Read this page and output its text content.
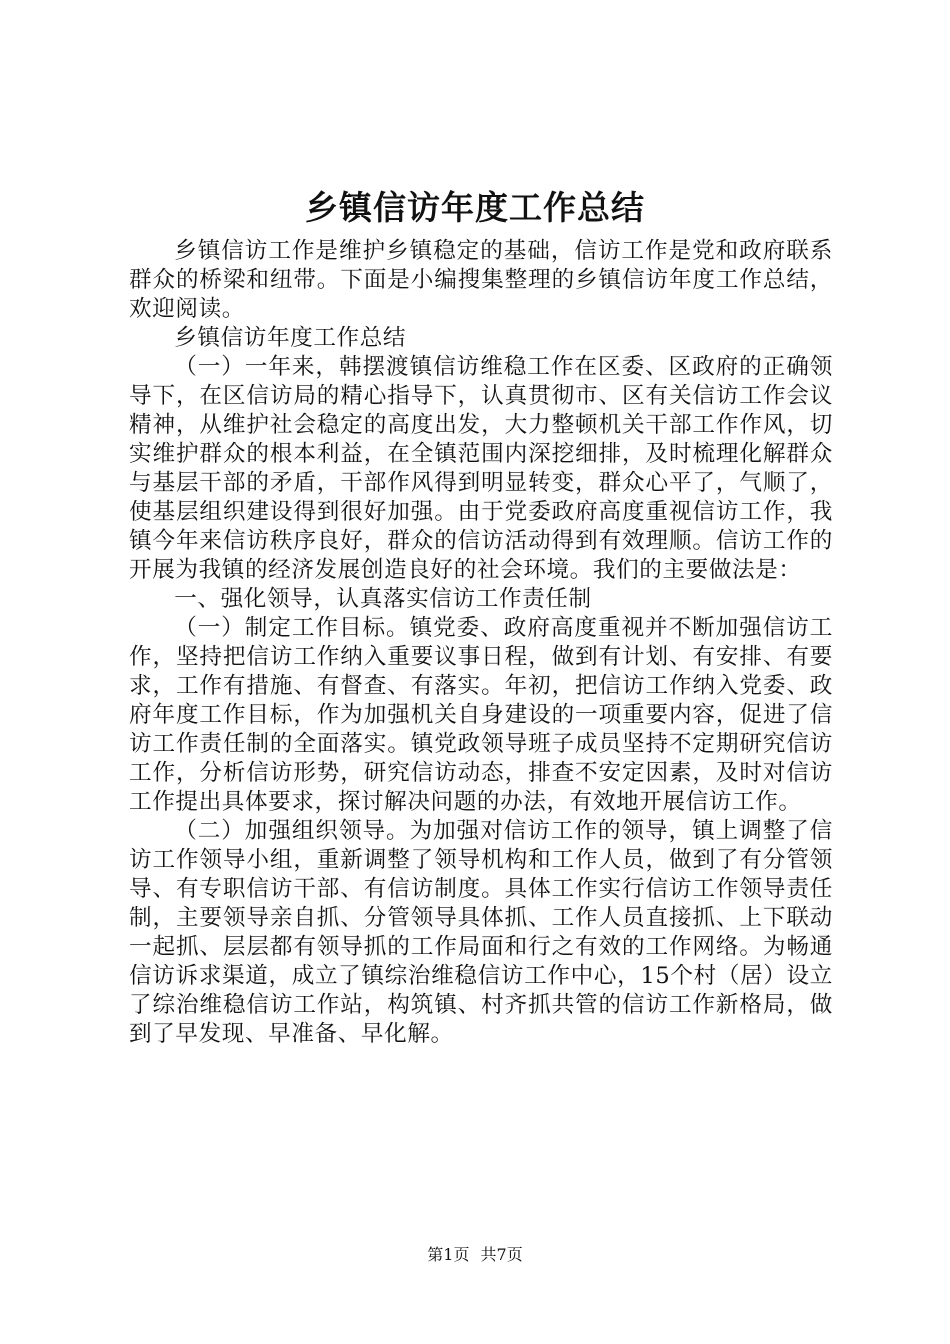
乡镇信访年度工作总结

乡镇信访工作是维护乡镇稳定的基础，信访工作是党和政府联系群众的桥梁和纽带。下面是小编搜集整理的乡镇信访年度工作总结，欢迎阅读。

乡镇信访年度工作总结

（一）一年来，韩摆渡镇信访维稳工作在区委、区政府的正确领导下，在区信访局的精心指导下，认真贯彻市、区有关信访工作会议精神，从维护社会稳定的高度出发，大力整顿机关干部工作作风，切实维护群众的根本利益，在全镇范围内深挖细排，及时梳理化解群众与基层干部的矛盾，干部作风得到明显转变，群众心平了，气顺了，使基层组织建设得到很好加强。由于党委政府高度重视信访工作，我镇今年来信访秩序良好，群众的信访活动得到有效理顺。信访工作的开展为我镇的经济发展创造良好的社会环境。我们的主要做法是：

一、强化领导，认真落实信访工作责任制

（一）制定工作目标。镇党委、政府高度重视并不断加强信访工作，坚持把信访工作纳入重要议事日程，做到有计划、有安排、有要求，工作有措施、有督查、有落实。年初，把信访工作纳入党委、政府年度工作目标，作为加强机关自身建设的一项重要内容，促进了信访工作责任制的全面落实。镇党政领导班子成员坚持不定期研究信访工作，分析信访形势，研究信访动态，排查不安定因素，及时对信访工作提出具体要求，探讨解决问题的办法，有效地开展信访工作。

（二）加强组织领导。为加强对信访工作的领导，镇上调整了信访工作领导小组，重新调整了领导机构和工作人员，做到了有分管领导、有专职信访干部、有信访制度。具体工作实行信访工作领导责任制，主要领导亲自抓、分管领导具体抓、工作人员直接抓、上下联动一起抓、层层都有领导抓的工作局面和行之有效的工作网络。为畅通信访诉求渠道，成立了镇综治维稳信访工作中心，15个村（居）设立了综治维稳信访工作站，构筑镇、村齐抓共管的信访工作新格局，做到了早发现、早准备、早化解。

第1页 共7页
